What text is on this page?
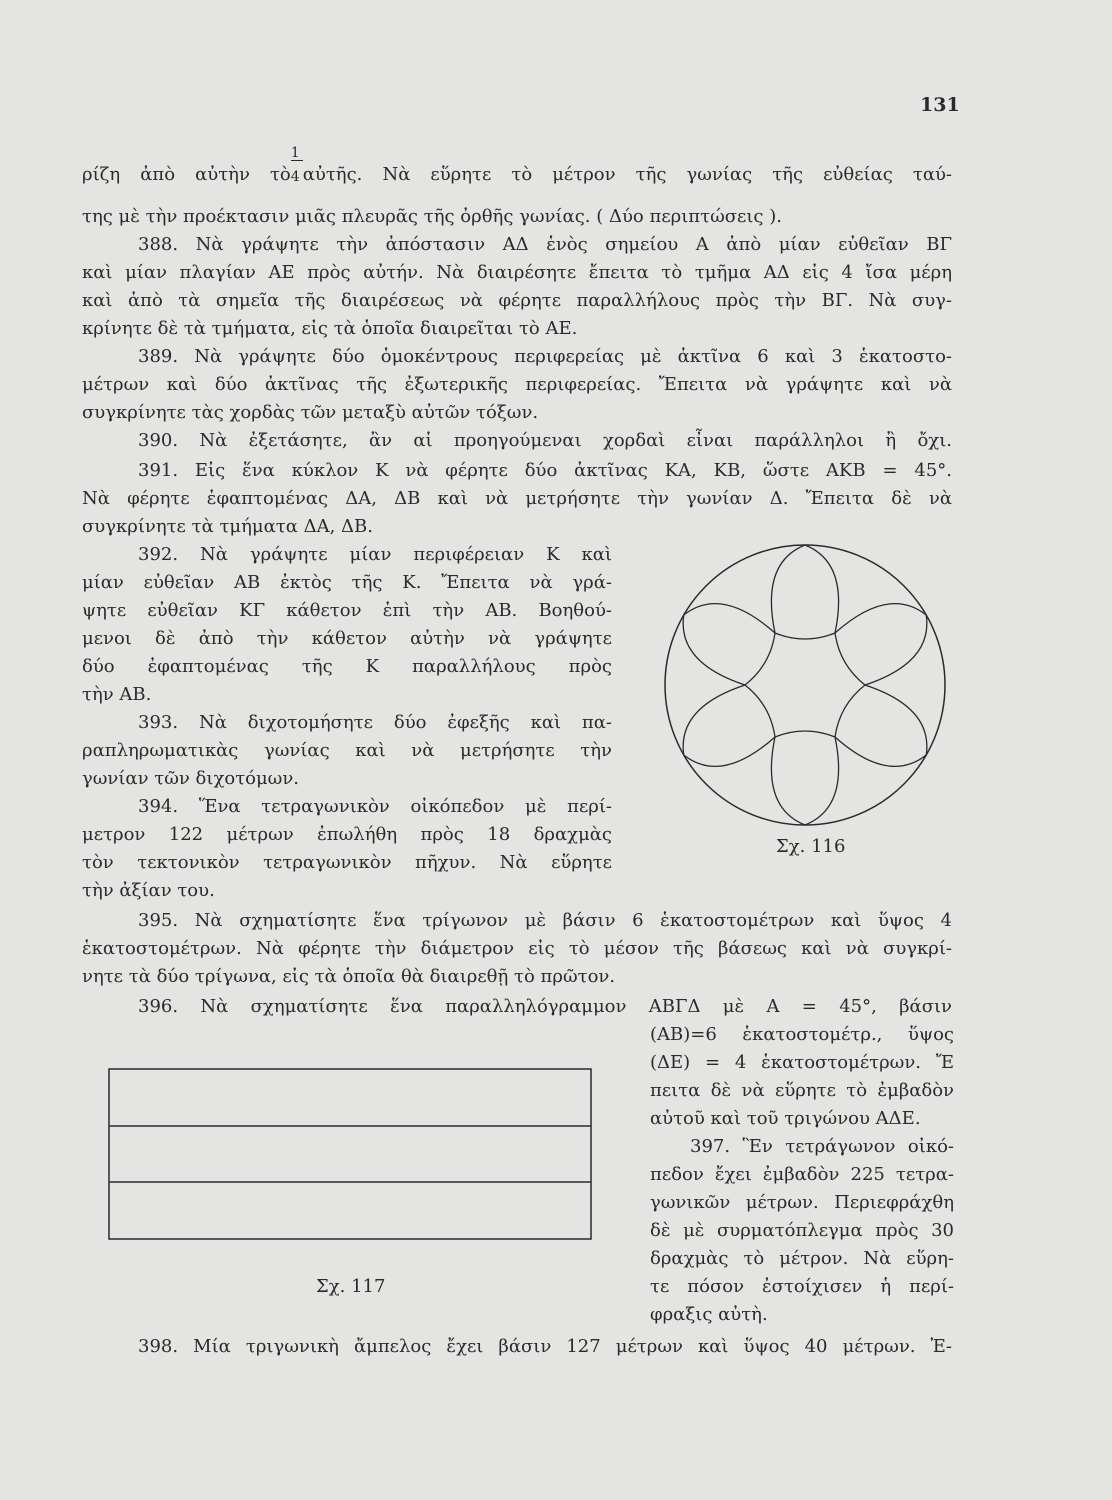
131
ρίζη ἀπὸ αὐτὴν τὸ $\frac{1}{4}$ αὐτῆς. Νὰ εὕρητε τὸ μέτρον τῆς γωνίας τῆς εὐθείας ταύ-
της μὲ τὴν προέκτασιν μιᾶς πλευρᾶς τῆς ὀρθῆς γωνίας. ( Δύο περιπτώσεις ).
388. Νὰ γράψητε τὴν ἀπόστασιν ΑΔ ἑνὸς σημείου Α ἀπὸ μίαν εὐθεῖαν ΒΓ
καὶ μίαν πλαγίαν ΑΕ πρὸς αὐτήν. Νὰ διαιρέσητε ἔπειτα τὸ τμῆμα ΑΔ εἰς 4 ἴσα μέρη
καὶ ἀπὸ τὰ σημεῖα τῆς διαιρέσεως νὰ φέρητε παραλλήλους πρὸς τὴν ΒΓ. Νὰ συγ-
κρίνητε δὲ τὰ τμήματα, εἰς τὰ ὁποῖα διαιρεῖται τὸ ΑΕ.
389. Νὰ γράψητε δύο ὁμοκέντρους περιφερείας μὲ ἀκτῖνα 6 καὶ 3 ἑκατοστο-
μέτρων καὶ δύο ἀκτῖνας τῆς ἐξωτερικῆς περιφερείας. Ἔπειτα νὰ γράψητε καὶ νὰ
συγκρίνητε τὰς χορδὰς τῶν μεταξὺ αὐτῶν τόξων.
390. Νὰ ἐξετάσητε, ἂν αἱ προηγούμεναι χορδαὶ εἶναι παράλληλοι ἢ ὄχι.
391. Εἰς ἕνα κύκλον Κ νὰ φέρητε δύο ἀκτῖνας ΚΑ, ΚΒ, ὥστε ΑΚΒ = 45°.
Νὰ φέρητε ἐφαπτομένας ΔΑ, ΔΒ καὶ νὰ μετρήσητε τὴν γωνίαν Δ. Ἔπειτα δὲ νὰ
συγκρίνητε τὰ τμήματα ΔΑ, ΔΒ.
392. Νὰ γράψητε μίαν περιφέρειαν Κ καὶ
μίαν εὐθεῖαν ΑΒ ἐκτὸς τῆς Κ. Ἔπειτα νὰ γρά-
ψητε εὐθεῖαν ΚΓ κάθετον ἐπὶ τὴν ΑΒ. Βοηθού-
μενοι δὲ ἀπὸ τὴν κάθετον αὐτὴν νὰ γράψητε
δύο ἐφαπτομένας τῆς Κ παραλλήλους πρὸς
τὴν ΑΒ.
393. Νὰ διχοτομήσητε δύο ἐφεξῆς καὶ πα-
ραπληρωματικὰς γωνίας καὶ νὰ μετρήσητε τὴν
γωνίαν τῶν διχοτόμων.
394. Ἕνα τετραγωνικὸν οἰκόπεδον μὲ περί-
μετρον 122 μέτρων ἐπωλήθη πρὸς 18 δραχμὰς
τὸν τεκτονικὸν τετραγωνικὸν πῆχυν. Νὰ εὕρητε
τὴν ἀξίαν του.
Σχ. 116
395. Νὰ σχηματίσητε ἕνα τρίγωνον μὲ βάσιν 6 ἑκατοστομέτρων καὶ ὕψος 4
ἑκατοστομέτρων. Νὰ φέρητε τὴν διάμετρον εἰς τὸ μέσον τῆς βάσεως καὶ νὰ συγκρί-
νητε τὰ δύο τρίγωνα, εἰς τὰ ὁποῖα θὰ διαιρεθῇ τὸ πρῶτον.
396. Νὰ σχηματίσητε ἕνα παραλληλόγραμμον ΑΒΓΔ μὲ Α = 45°, βάσιν
(ΑΒ)=6 ἑκατοστομέτρ., ὕψος
(ΔΕ) = 4 ἑκατοστομέτρων. Ἔ
πειτα δὲ νὰ εὕρητε τὸ ἐμβαδὸν
αὐτοῦ καὶ τοῦ τριγώνου ΑΔΕ.
397. Ἓν τετράγωνον οἰκό-
πεδον ἔχει ἐμβαδὸν 225 τετρα-
γωνικῶν μέτρων. Περιεφράχθη
δὲ μὲ συρματόπλεγμα πρὸς 30
δραχμὰς τὸ μέτρον. Νὰ εὕρη-
τε πόσον ἐστοίχισεν ἡ περί-
φραξις αὐτὴ.
Σχ. 117
398. Μία τριγωνικὴ ἄμπελος ἔχει βάσιν 127 μέτρων καὶ ὕψος 40 μέτρων. Ἐ-
